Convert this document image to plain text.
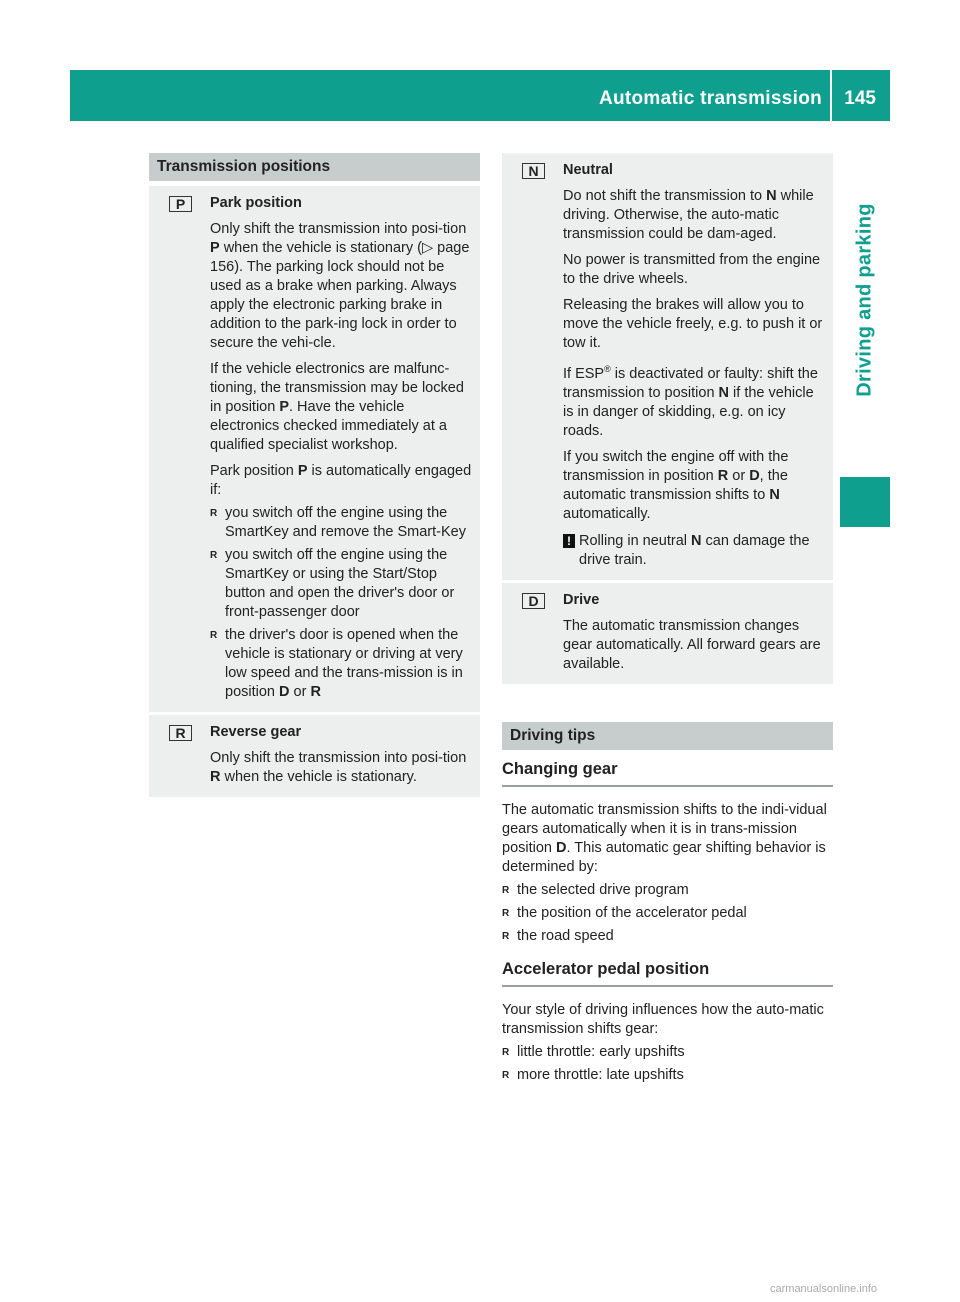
Automatic transmission 145
Driving and parking
Transmission positions
P	Park position

Only shift the transmission into posi-tion P when the vehicle is stationary (▷ page 156). The parking lock should not be used as a brake when parking. Always apply the electronic parking brake in addition to the park-ing lock in order to secure the vehi-cle.

If the vehicle electronics are malfunc-tioning, the transmission may be locked in position P. Have the vehicle electronics checked immediately at a qualified specialist workshop.

Park position P is automatically engaged if:

R you switch off the engine using the SmartKey and remove the Smart-Key
R you switch off the engine using the SmartKey or using the Start/Stop button and open the driver's door or front-passenger door
R the driver's door is opened when the vehicle is stationary or driving at very low speed and the trans-mission is in position D or R
R	Reverse gear

Only shift the transmission into posi-tion R when the vehicle is stationary.

N	Neutral

Do not shift the transmission to N while driving. Otherwise, the auto-matic transmission could be dam-aged.

No power is transmitted from the engine to the drive wheels.

Releasing the brakes will allow you to move the vehicle freely, e.g. to push it or tow it.

If ESP® is deactivated or faulty: shift the transmission to position N if the vehicle is in danger of skidding, e.g. on icy roads.

If you switch the engine off with the transmission in position R or D, the automatic transmission shifts to N automatically.

! Rolling in neutral N can damage the drive train.
D	Drive

The automatic transmission changes gear automatically. All forward gears are available.

Driving tips
Changing gear

The automatic transmission shifts to the indi-vidual gears automatically when it is in trans-mission position D. This automatic gear shifting behavior is determined by:

R the selected drive program
R the position of the accelerator pedal
R the road speed
Accelerator pedal position

Your style of driving influences how the auto-matic transmission shifts gear:

R little throttle: early upshifts
R more throttle: late upshifts
carmanualsonline.info
